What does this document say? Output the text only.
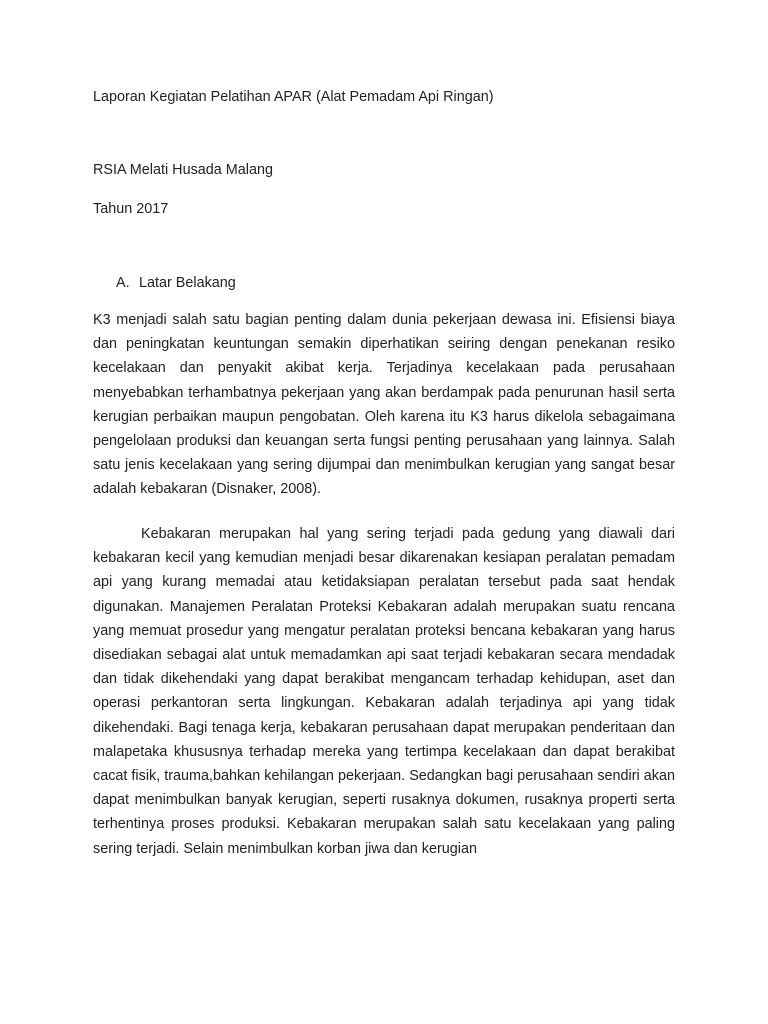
Laporan Kegiatan Pelatihan APAR (Alat Pemadam Api Ringan)

RSIA Melati Husada Malang

Tahun 2017

A. Latar Belakang

K3 menjadi salah satu bagian penting dalam dunia pekerjaan dewasa ini. Efisiensi biaya dan peningkatan keuntungan semakin diperhatikan seiring dengan penekanan resiko kecelakaan dan penyakit akibat kerja. Terjadinya kecelakaan pada perusahaan menyebabkan terhambatnya pekerjaan yang akan berdampak pada penurunan hasil serta kerugian perbaikan maupun pengobatan. Oleh karena itu K3 harus dikelola sebagaimana pengelolaan produksi dan keuangan serta fungsi penting perusahaan yang lainnya. Salah satu jenis kecelakaan yang sering dijumpai dan menimbulkan kerugian yang sangat besar adalah kebakaran (Disnaker, 2008).

Kebakaran merupakan hal yang sering terjadi pada gedung yang diawali dari kebakaran kecil yang kemudian menjadi besar dikarenakan kesiapan peralatan pemadam api yang kurang memadai atau ketidaksiapan peralatan tersebut pada saat hendak digunakan. Manajemen Peralatan Proteksi Kebakaran adalah merupakan suatu rencana yang memuat prosedur yang mengatur peralatan proteksi bencana kebakaran yang harus disediakan sebagai alat untuk memadamkan api saat terjadi kebakaran secara mendadak dan tidak dikehendaki yang dapat berakibat mengancam terhadap kehidupan, aset dan operasi perkantoran serta lingkungan. Kebakaran adalah terjadinya api yang tidak dikehendaki. Bagi tenaga kerja, kebakaran perusahaan dapat merupakan penderitaan dan malapetaka khususnya terhadap mereka yang tertimpa kecelakaan dan dapat berakibat cacat fisik, trauma,bahkan kehilangan pekerjaan. Sedangkan bagi perusahaan sendiri akan dapat menimbulkan banyak kerugian, seperti rusaknya dokumen, rusaknya properti serta terhentinya proses produksi. Kebakaran merupakan salah satu kecelakaan yang paling sering terjadi. Selain menimbulkan korban jiwa dan kerugian
